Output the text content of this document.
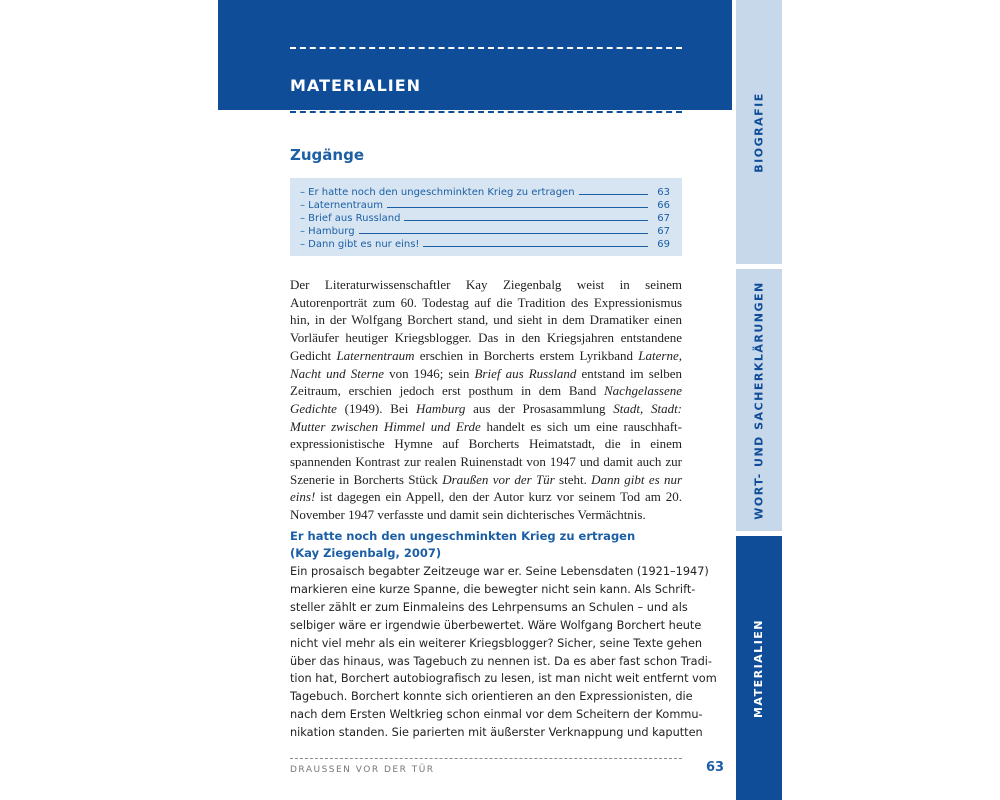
MATERIALIEN
BIOGRAFIE
WORT- UND SACHERKLÄRUNGEN
MATERIALIEN
Zugänge
– Er hatte noch den ungeschminkten Krieg zu ertragen	63
– Laternentraum	66
– Brief aus Russland	67
– Hamburg	67
– Dann gibt es nur eins!	69
Der Literaturwissenschaftler Kay Ziegenbalg weist in seinem Autorenporträt zum 60. Todestag auf die Tradition des Expressionismus hin, in der Wolfgang Borchert stand, und sieht in dem Dramatiker einen Vorläufer heutiger Kriegsblogger. Das in den Kriegsjahren entstandene Gedicht Laternentraum erschien in Borcherts erstem Lyrikband Laterne, Nacht und Sterne von 1946; sein Brief aus Russland entstand im selben Zeitraum, erschien jedoch erst posthum in dem Band Nachgelassene Gedichte (1949). Bei Hamburg aus der Prosasammlung Stadt, Stadt: Mutter zwischen Himmel und Erde handelt es sich um eine rauschhaft-expressionistische Hymne auf Borcherts Heimatstadt, die in einem spannenden Kontrast zur realen Ruinenstadt von 1947 und damit auch zur Szenerie in Borcherts Stück Draußen vor der Tür steht. Dann gibt es nur eins! ist dagegen ein Appell, den der Autor kurz vor seinem Tod am 20. November 1947 verfasste und damit sein dichterisches Vermächtnis.
Er hatte noch den ungeschminkten Krieg zu ertragen
(Kay Ziegenbalg, 2007)
Ein prosaisch begabter Zeitzeuge war er. Seine Lebensdaten (1921–1947)
markieren eine kurze Spanne, die bewegter nicht sein kann. Als Schrift-
steller zählt er zum Einmaleins des Lehrpensums an Schulen – und als
selbiger wäre er irgendwie überbewertet. Wäre Wolfgang Borchert heute
nicht viel mehr als ein weiterer Kriegsblogger? Sicher, seine Texte gehen
über das hinaus, was Tagebuch zu nennen ist. Da es aber fast schon Tradi-
tion hat, Borchert autobiografisch zu lesen, ist man nicht weit entfernt vom
Tagebuch. Borchert konnte sich orientieren an den Expressionisten, die
nach dem Ersten Weltkrieg schon einmal vor dem Scheitern der Kommu-
nikation standen. Sie parierten mit äußerster Verknappung und kaputten
DRAUSSEN VOR DER TÜR	63
